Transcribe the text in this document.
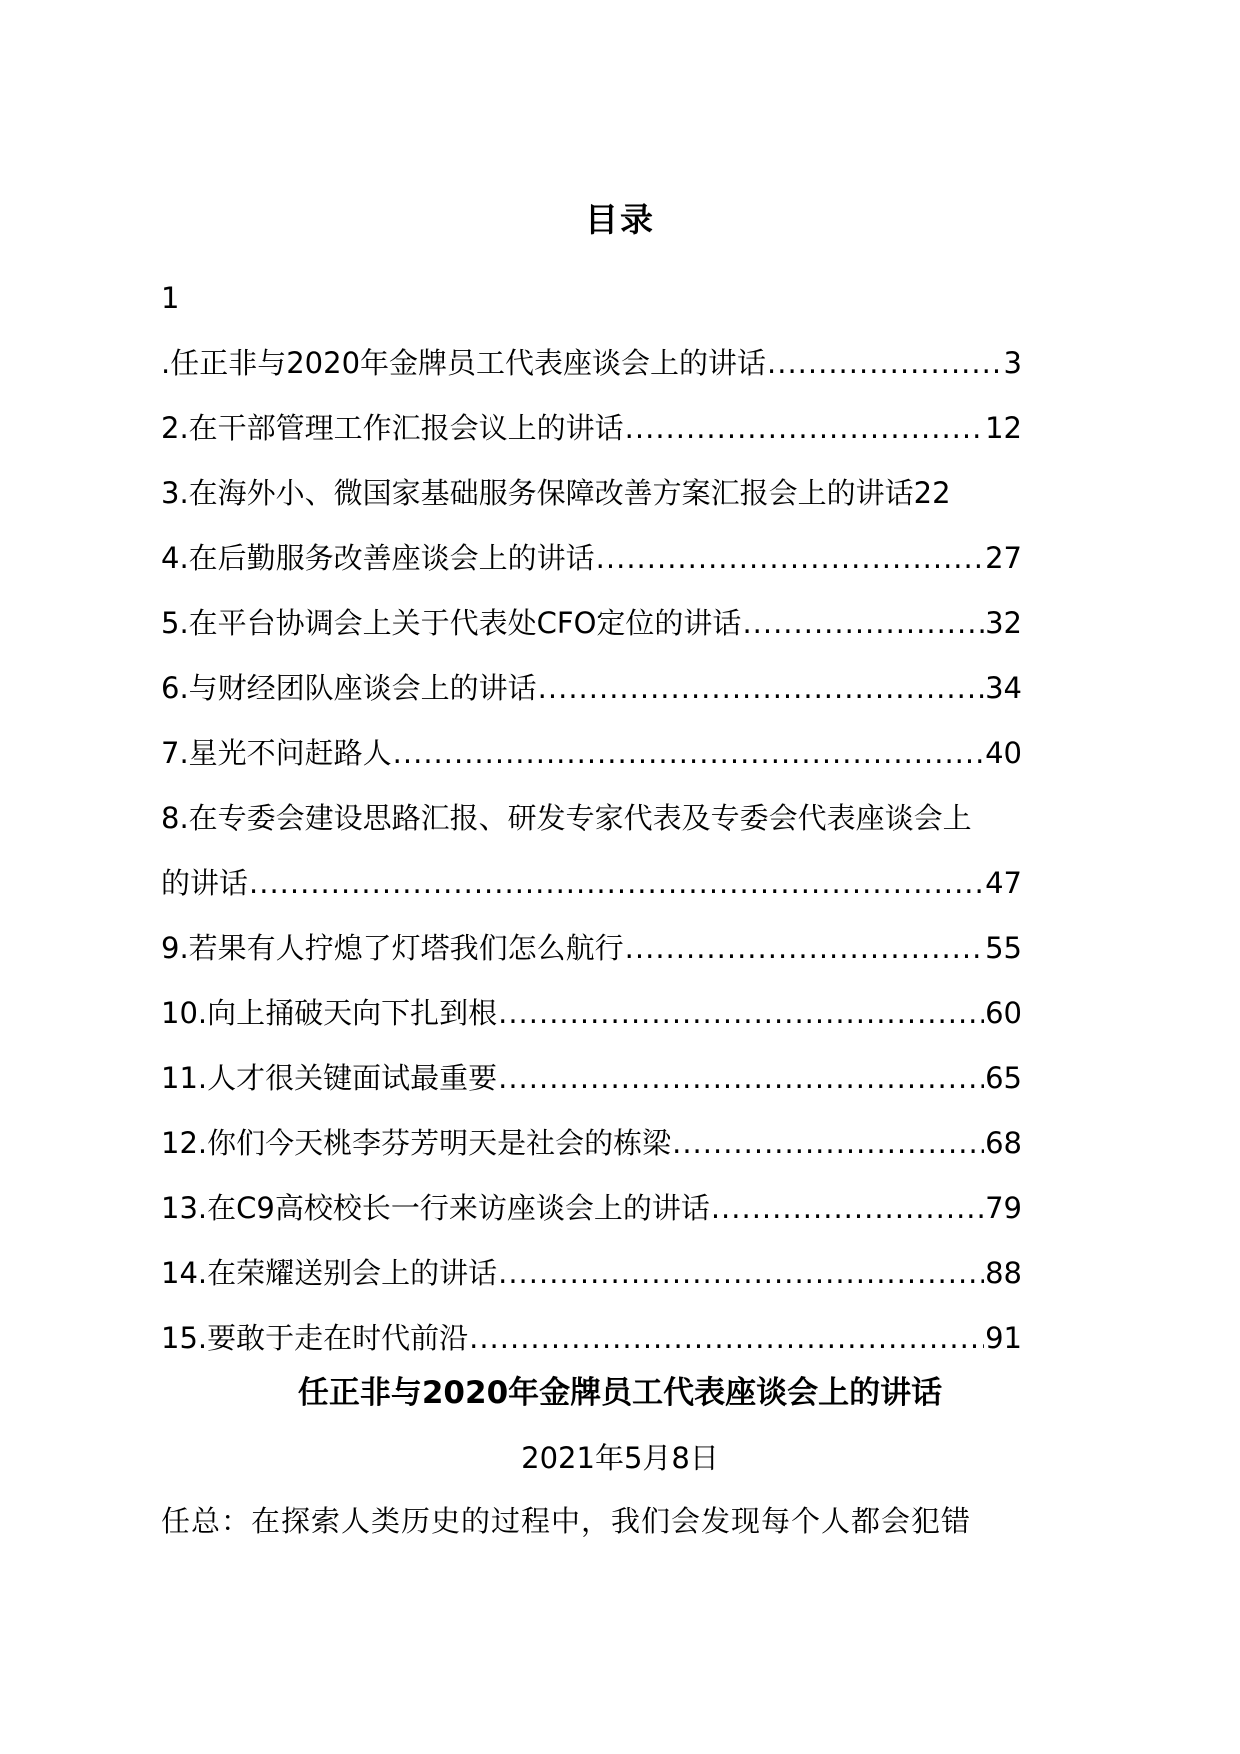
目录
1
.任正非与2020年金牌员工代表座谈会上的讲话 .....	3
2.在干部管理工作汇报会议上的讲话 .....	12
3.在海外小、微国家基础服务保障改善方案汇报会上的讲话 22
4.在后勤服务改善座谈会上的讲话 .....	27
5.在平台协调会上关于代表处CFO定位的讲话 .....	32
6.与财经团队座谈会上的讲话 .....	34
7.星光不问赶路人 .....	40
8.在专委会建设思路汇报、研发专家代表及专委会代表座谈会上
的讲话 .....	47
9.若果有人拧熄了灯塔我们怎么航行 .....	55
10.向上捅破天向下扎到根 .....	60
11.人才很关键面试最重要 .....	65
12.你们今天桃李芬芳明天是社会的栋梁 .....	68
13.在C9高校校长一行来访座谈会上的讲话 .....	79
14.在荣耀送别会上的讲话 .....	88
15.要敢于走在时代前沿 .....	91
任正非与2020年金牌员工代表座谈会上的讲话
2021年5月8日
任总：在探索人类历史的过程中，我们会发现每个人都会犯错
